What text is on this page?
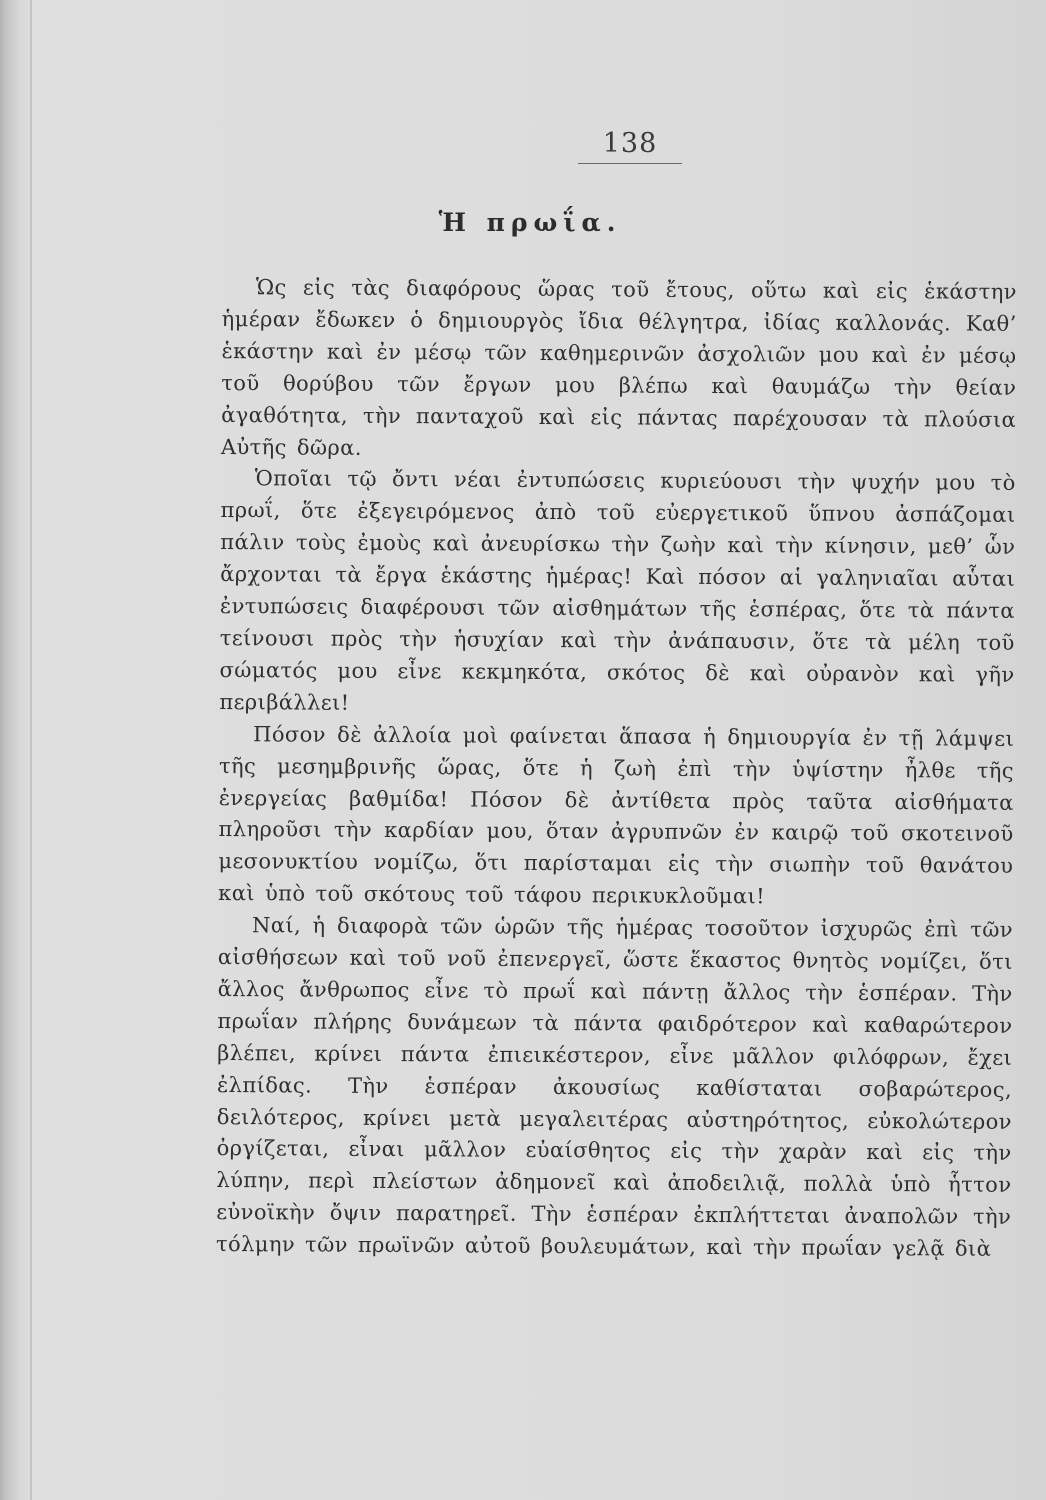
138
Ἡ πρωΐα.

Ὡς εἰς τὰς διαφόρους ὥρας τοῦ ἔτους, οὕτω καὶ εἰς ἑκάστην ἡμέραν ἔδωκεν ὁ δημιουργὸς ἴδια θέλγητρα, ἰδίας καλλονάς. Καθ’ ἑκάστην καὶ ἐν μέσῳ τῶν καθημερινῶν ἀσχολιῶν μου καὶ ἐν μέσῳ τοῦ θορύβου τῶν ἔργων μου βλέπω καὶ θαυμάζω τὴν θείαν ἀγαθότητα, τὴν πανταχοῦ καὶ εἰς πάντας παρέχουσαν τὰ πλούσια Αὐτῆς δῶρα.

Ὁποῖαι τῷ ὄντι νέαι ἐντυπώσεις κυριεύουσι τὴν ψυχήν μου τὸ πρωΐ, ὅτε ἐξεγειρόμενος ἀπὸ τοῦ εὐεργετικοῦ ὕπνου ἀσπάζομαι πάλιν τοὺς ἐμοὺς καὶ ἀνευρίσκω τὴν ζωὴν καὶ τὴν κίνησιν, μεθ’ ὧν ἄρχονται τὰ ἔργα ἑκάστης ἡμέρας! Καὶ πόσον αἱ γαληνιαῖαι αὗται ἐντυπώσεις διαφέρουσι τῶν αἰσθημάτων τῆς ἑσπέρας, ὅτε τὰ πάντα τείνουσι πρὸς τὴν ἡσυχίαν καὶ τὴν ἀνάπαυσιν, ὅτε τὰ μέλη τοῦ σώματός μου εἶνε κεκμηκότα, σκότος δὲ καὶ οὐρανὸν καὶ γῆν περιβάλλει!

Πόσον δὲ ἀλλοία μοὶ φαίνεται ἅπασα ἡ δημιουργία ἐν τῇ λάμψει τῆς μεσημβρινῆς ὥρας, ὅτε ἡ ζωὴ ἐπὶ τὴν ὑψίστην ἦλθε τῆς ἐνεργείας βαθμίδα! Πόσον δὲ ἀντίθετα πρὸς ταῦτα αἰσθήματα πληροῦσι τὴν καρδίαν μου, ὅταν ἀγρυπνῶν ἐν καιρῷ τοῦ σκοτεινοῦ μεσονυκτίου νομίζω, ὅτι παρίσταμαι εἰς τὴν σιωπὴν τοῦ θανάτου καὶ ὑπὸ τοῦ σκότους τοῦ τάφου περικυκλοῦμαι!

Ναί, ἡ διαφορὰ τῶν ὡρῶν τῆς ἡμέρας τοσοῦτον ἰσχυρῶς ἐπὶ τῶν αἰσθήσεων καὶ τοῦ νοῦ ἐπενεργεῖ, ὥστε ἕκαστος θνητὸς νομίζει, ὅτι ἄλλος ἄνθρωπος εἶνε τὸ πρωΐ καὶ πάντῃ ἄλλος τὴν ἑσπέραν. Τὴν πρωΐαν πλήρης δυνάμεων τὰ πάντα φαιδρότερον καὶ καθαρώτερον βλέπει, κρίνει πάντα ἐπιεικέστερον, εἶνε μᾶλλον φιλόφρων, ἔχει ἐλπίδας. Τὴν ἑσπέραν ἀκουσίως καθίσταται σοβαρώτερος, δειλότερος, κρίνει μετὰ μεγαλειτέρας αὐστηρότητος, εὐκολώτερον ὀργίζεται, εἶναι μᾶλλον εὐαίσθητος εἰς τὴν χαρὰν καὶ εἰς τὴν λύπην, περὶ πλείστων ἀδημονεῖ καὶ ἀποδειλιᾷ, πολλὰ ὑπὸ ἧττον εὐνοϊκὴν ὄψιν παρατηρεῖ. Τὴν ἑσπέραν ἐκπλήττεται ἀναπολῶν τὴν τόλμην τῶν πρωϊνῶν αὐτοῦ βουλευμάτων, καὶ τὴν πρωΐαν γελᾷ διὰ
